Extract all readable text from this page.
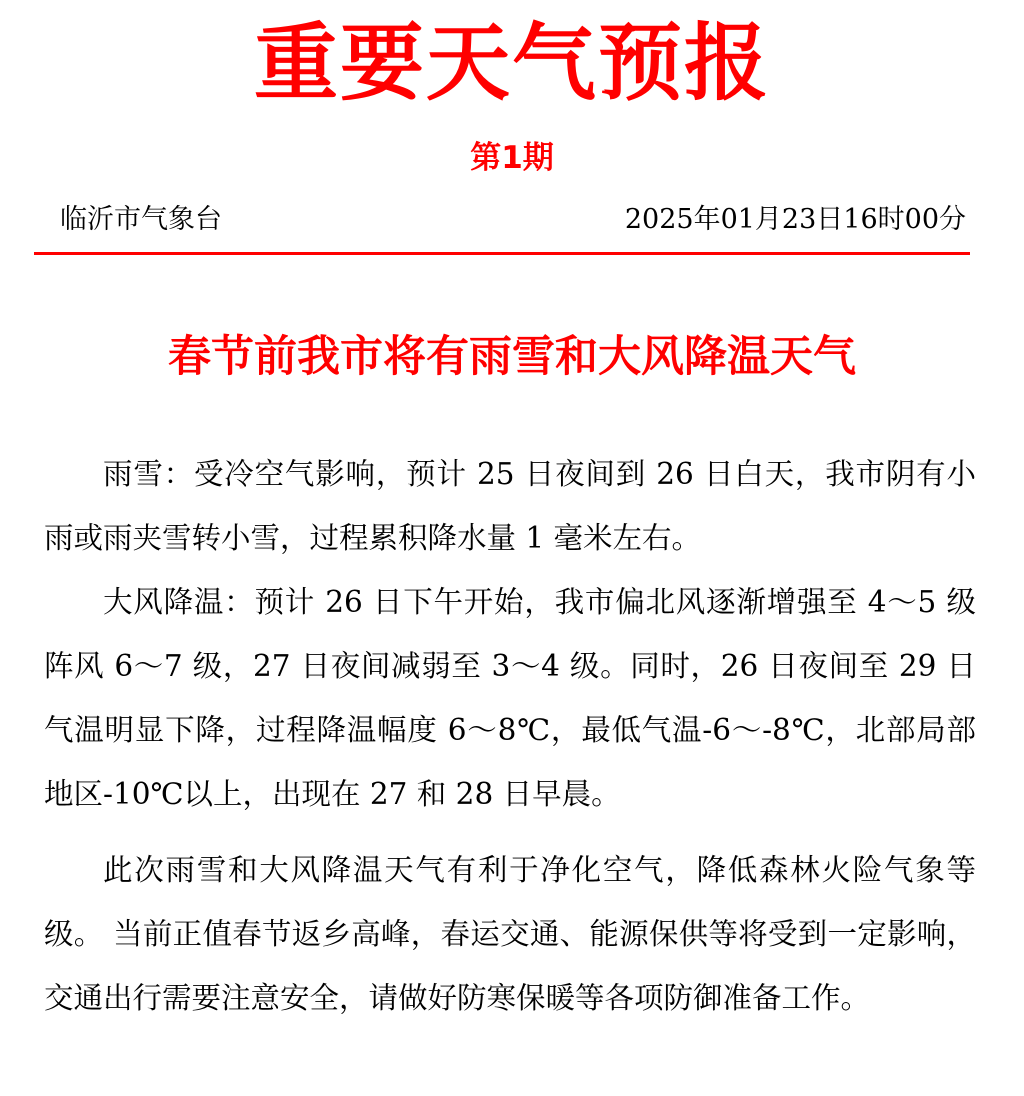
重要天气预报
第1期
临沂市气象台	2025年01月23日16时00分
春节前我市将有雨雪和大风降温天气

雨雪：受冷空气影响，预计 25 日夜间到 26 日白天，我市阴有小雨或雨夹雪转小雪，过程累积降水量 1 毫米左右。

大风降温：预计 26 日下午开始，我市偏北风逐渐增强至 4～5 级阵风 6～7 级，27 日夜间减弱至 3～4 级。同时，26 日夜间至 29 日气温明显下降，过程降温幅度 6～8℃，最低气温-6～-8℃，北部局部地区-10℃以上，出现在 27 和 28 日早晨。

此次雨雪和大风降温天气有利于净化空气，降低森林火险气象等级。 当前正值春节返乡高峰，春运交通、能源保供等将受到一定影响，交通出行需要注意安全，请做好防寒保暖等各项防御准备工作。
